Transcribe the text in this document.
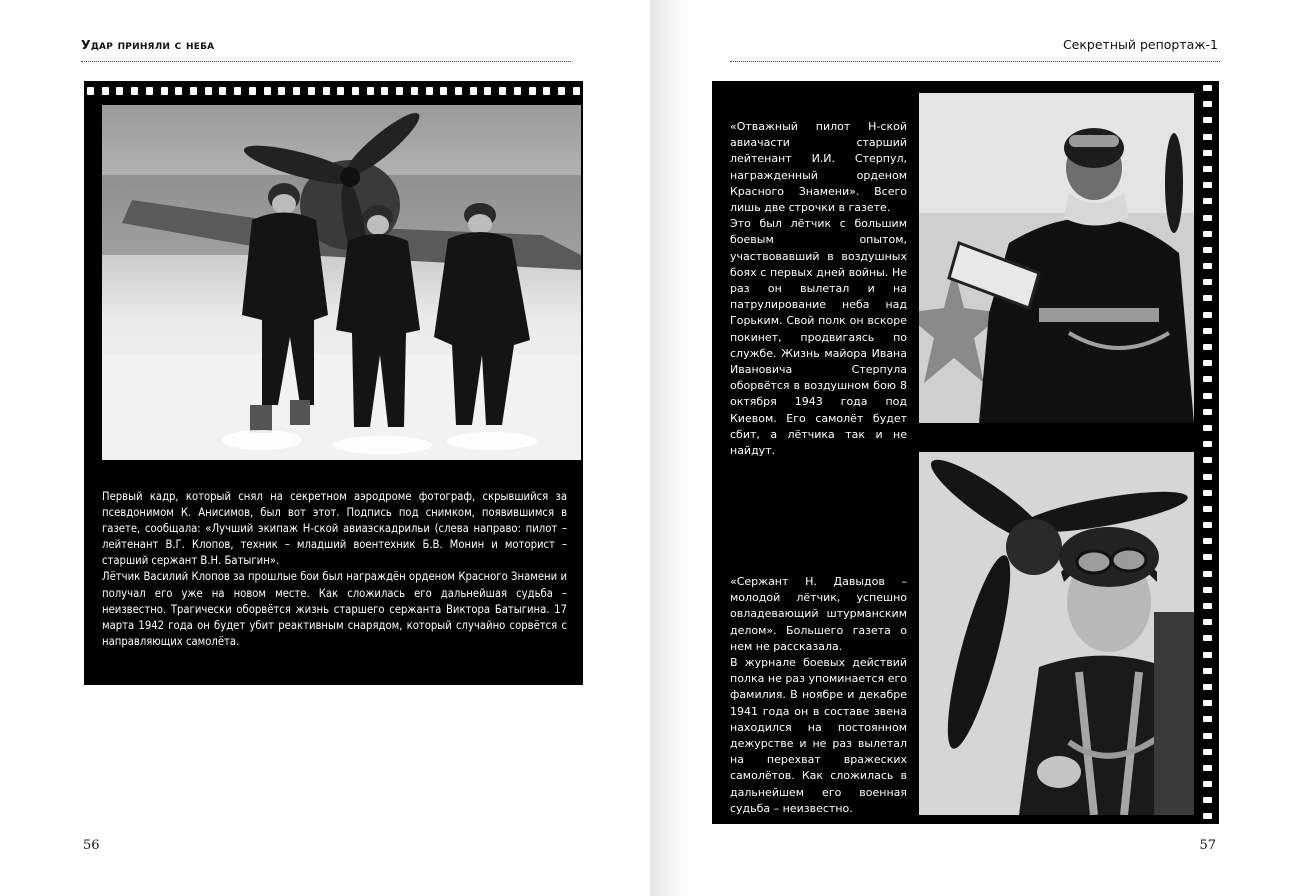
Удар приняли с неба

Первый кадр, который снял на секретном аэродроме фотограф, скрывшийся за псевдонимом К. Анисимов, был вот этот. Подпись под снимком, появившимся в газете, сообщала: «Лучший экипаж Н-ской авиаэскадрильи (слева направо: пилот – лейтенант В.Г. Клопов, техник – младший воентехник Б.В. Монин и моторист – старший сержант В.Н. Батыгин».

Лётчик Василий Клопов за прошлые бои был награждён орденом Красного Знамени и получал его уже на новом месте. Как сложилась его дальнейшая судьба – неизвестно. Трагически оборвётся жизнь старшего сержанта Виктора Батыгина. 17 марта 1942 года он будет убит реактивным снарядом, который случайно сорвётся с направляющих самолёта.

56
Секретный репортаж-1

«Отважный пилот Н-ской авиачасти старший лейтенант И.И. Стерпул, награжденный орденом Красного Знамени». Всего лишь две строчки в газете.

Это был лётчик с большим боевым опытом, участвовавший в воздушных боях с первых дней войны. Не раз он вылетал и на патрулирование неба над Горьким. Свой полк он вскоре покинет, продвигаясь по службе. Жизнь майора Ивана Ивановича Стерпула оборвётся в воздушном бою 8 октября 1943 года под Киевом. Его самолёт будет сбит, а лётчика так и не найдут.

«Сержант Н. Давыдов – молодой лётчик, успешно овладевающий штурманским делом». Большего газета о нем не рассказала.

В журнале боевых действий полка не раз упоминается его фамилия. В ноябре и декабре 1941 года он в составе звена находился на постоянном дежурстве и не раз вылетал на перехват вражеских самолётов. Как сложилась в дальнейшем его военная судьба – неизвестно.

57
